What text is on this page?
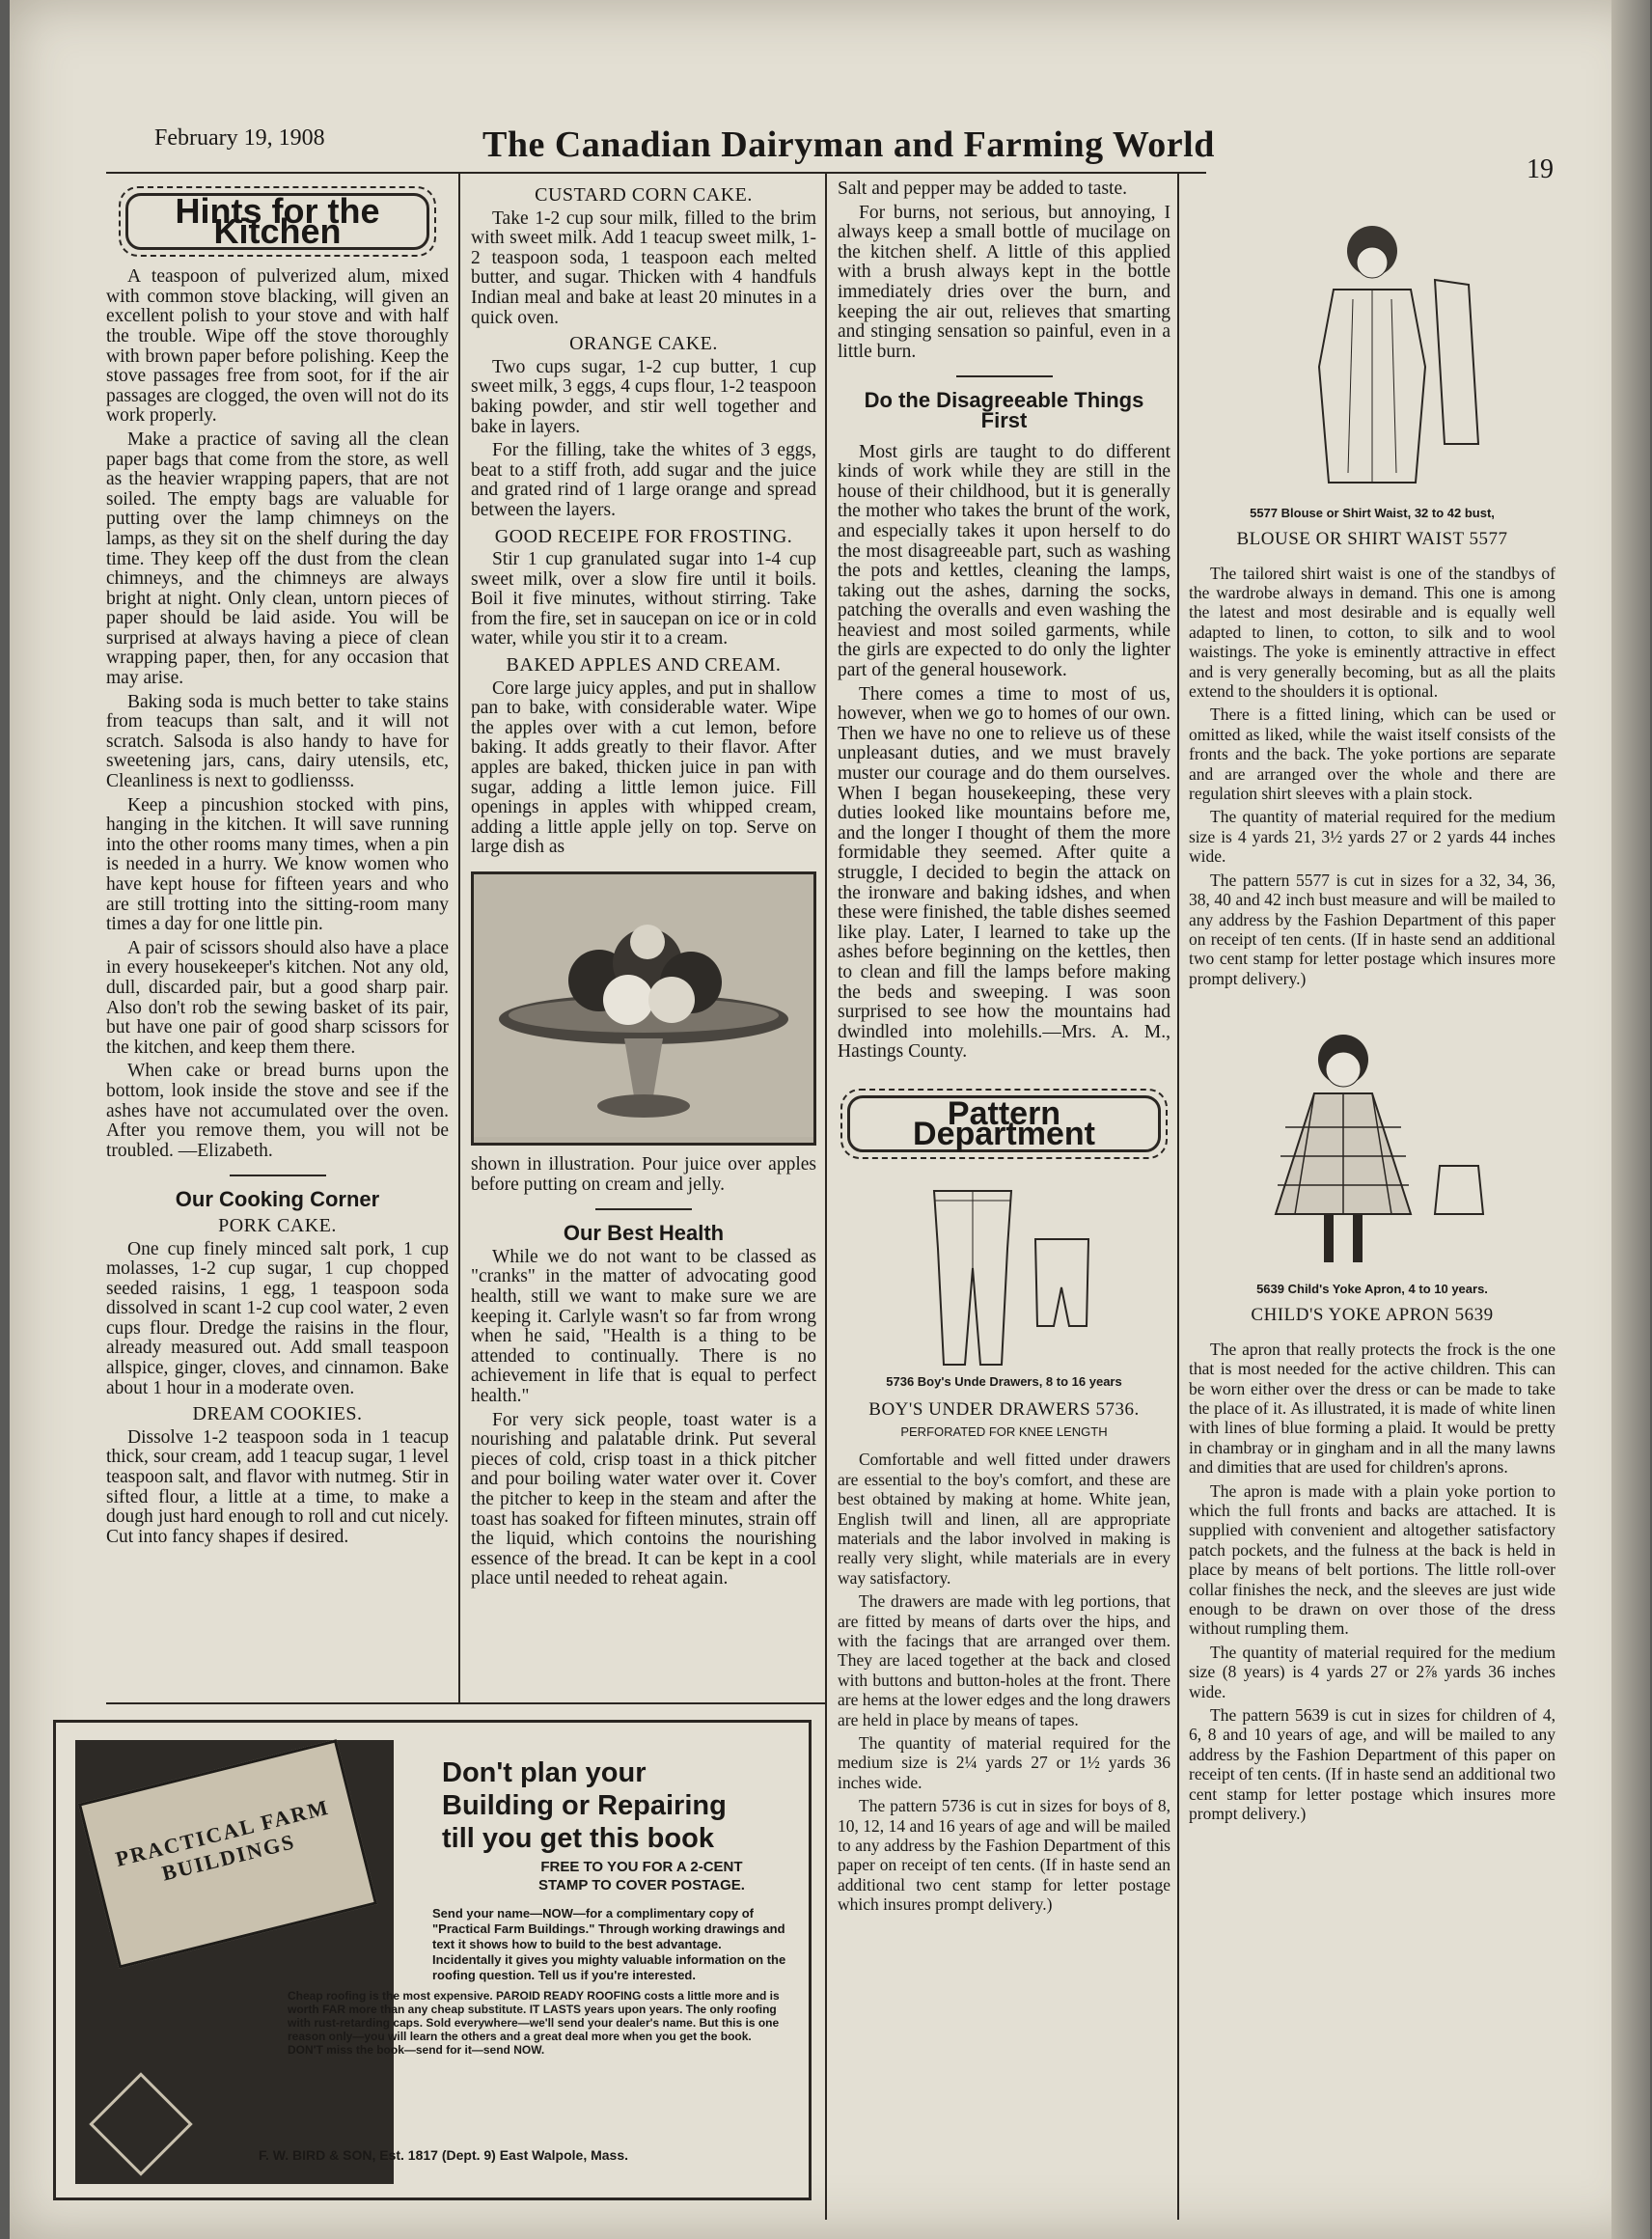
February 19, 1908	The Canadian Dairyman and Farming World
19
Hints for the Kitchen

A teaspoon of pulverized alum, mixed with common stove blacking, will given an excellent polish to your stove and with half the trouble. Wipe off the stove thoroughly with brown paper before polishing. Keep the stove passages free from soot, for if the air passages are clogged, the oven will not do its work properly.

Make a practice of saving all the clean paper bags that come from the store, as well as the heavier wrapping papers, that are not soiled. The empty bags are valuable for putting over the lamp chimneys on the lamps, as they sit on the shelf during the day time. They keep off the dust from the clean chimneys, and the chimneys are always bright at night. Only clean, untorn pieces of paper should be laid aside. You will be surprised at always having a piece of clean wrapping paper, then, for any occasion that may arise.

Baking soda is much better to take stains from teacups than salt, and it will not scratch. Salsoda is also handy to have for sweetening jars, cans, dairy utensils, etc, Cleanliness is next to godliensss.

Keep a pincushion stocked with pins, hanging in the kitchen. It will save running into the other rooms many times, when a pin is needed in a hurry. We know women who have kept house for fifteen years and who are still trotting into the sitting-room many times a day for one little pin.

A pair of scissors should also have a place in every housekeeper's kitchen. Not any old, dull, discarded pair, but a good sharp pair. Also don't rob the sewing basket of its pair, but have one pair of good sharp scissors for the kitchen, and keep them there.

When cake or bread burns upon the bottom, look inside the stove and see if the ashes have not accumulated over the oven. After you remove them, you will not be troubled. —Elizabeth.

Our Cooking Corner
PORK CAKE.

One cup finely minced salt pork, 1 cup molasses, 1-2 cup sugar, 1 cup chopped seeded raisins, 1 egg, 1 teaspoon soda dissolved in scant 1-2 cup cool water, 2 even cups flour. Dredge the raisins in the flour, already measured out. Add small teaspoon allspice, ginger, cloves, and cinnamon. Bake about 1 hour in a moderate oven.

DREAM COOKIES.

Dissolve 1-2 teaspoon soda in 1 teacup thick, sour cream, add 1 teacup sugar, 1 level teaspoon salt, and flavor with nutmeg. Stir in sifted flour, a little at a time, to make a dough just hard enough to roll and cut nicely. Cut into fancy shapes if desired.

CUSTARD CORN CAKE.

Take 1-2 cup sour milk, filled to the brim with sweet milk. Add 1 teacup sweet milk, 1-2 teaspoon soda, 1 teaspoon each melted butter, and sugar. Thicken with 4 handfuls Indian meal and bake at least 20 minutes in a quick oven.

ORANGE CAKE.

Two cups sugar, 1-2 cup butter, 1 cup sweet milk, 3 eggs, 4 cups flour, 1-2 teaspoon baking powder, and stir well together and bake in layers.

For the filling, take the whites of 3 eggs, beat to a stiff froth, add sugar and the juice and grated rind of 1 large orange and spread between the layers.

GOOD RECEIPE FOR FROSTING.

Stir 1 cup granulated sugar into 1-4 cup sweet milk, over a slow fire until it boils. Boil it five minutes, without stirring. Take from the fire, set in saucepan on ice or in cold water, while you stir it to a cream.

BAKED APPLES AND CREAM.

Core large juicy apples, and put in shallow pan to bake, with considerable water. Wipe the apples over with a cut lemon, before baking. It adds greatly to their flavor. After apples are baked, thicken juice in pan with sugar, adding a little lemon juice. Fill openings in apples with whipped cream, adding a little apple jelly on top. Serve on large dish as

shown in illustration. Pour juice over apples before putting on cream and jelly.

Our Best Health

While we do not want to be classed as "cranks" in the matter of advocating good health, still we want to make sure we are keeping it. Carlyle wasn't so far from wrong when he said, "Health is a thing to be attended to continually. There is no achievement in life that is equal to perfect health."

For very sick people, toast water is a nourishing and palatable drink. Put several pieces of cold, crisp toast in a thick pitcher and pour boiling water water over it. Cover the pitcher to keep in the steam and after the toast has soaked for fifteen minutes, strain off the liquid, which contoins the nourishing essence of the bread. It can be kept in a cool place until needed to reheat again.

Salt and pepper may be added to taste.

For burns, not serious, but annoying, I always keep a small bottle of mucilage on the kitchen shelf. A little of this applied with a brush always kept in the bottle immediately dries over the burn, and keeping the air out, relieves that smarting and stinging sensation so painful, even in a little burn.

Do the Disagreeable Things First

Most girls are taught to do different kinds of work while they are still in the house of their childhood, but it is generally the mother who takes the brunt of the work, and especially takes it upon herself to do the most disagreeable part, such as washing the pots and kettles, cleaning the lamps, taking out the ashes, darning the socks, patching the overalls and even washing the heaviest and most soiled garments, while the girls are expected to do only the lighter part of the general housework.

There comes a time to most of us, however, when we go to homes of our own. Then we have no one to relieve us of these unpleasant duties, and we must bravely muster our courage and do them ourselves. When I began housekeeping, these very duties looked like mountains before me, and the longer I thought of them the more formidable they seemed. After quite a struggle, I decided to begin the attack on the ironware and baking idshes, and when these were finished, the table dishes seemed like play. Later, I learned to take up the ashes before beginning on the kettles, then to clean and fill the lamps before making the beds and sweeping. I was soon surprised to see how the mountains had dwindled into molehills.—Mrs. A. M., Hastings County.

Pattern Department
5736 Boy's Unde Drawers, 8 to 16 years
BOY'S UNDER DRAWERS 5736.
PERFORATED FOR KNEE LENGTH

Comfortable and well fitted under drawers are essential to the boy's comfort, and these are best obtained by making at home. White jean, English twill and linen, all are appropriate materials and the labor involved in making is really very slight, while materials are in every way satisfactory.

The drawers are made with leg portions, that are fitted by means of darts over the hips, and with the facings that are arranged over them. They are laced together at the back and closed with buttons and button-holes at the front. There are hems at the lower edges and the long drawers are held in place by means of tapes.

The quantity of material required for the medium size is 2¼ yards 27 or 1½ yards 36 inches wide.

The pattern 5736 is cut in sizes for boys of 8, 10, 12, 14 and 16 years of age and will be mailed to any address by the Fashion Department of this paper on receipt of ten cents. (If in haste send an additional two cent stamp for letter postage which insures prompt delivery.)

5577 Blouse or Shirt Waist, 32 to 42 bust,
BLOUSE OR SHIRT WAIST 5577

The tailored shirt waist is one of the standbys of the wardrobe always in demand. This one is among the latest and most desirable and is equally well adapted to linen, to cotton, to silk and to wool waistings. The yoke is eminently attractive in effect and is very generally becoming, but as all the plaits extend to the shoulders it is optional.

There is a fitted lining, which can be used or omitted as liked, while the waist itself consists of the fronts and the back. The yoke portions are separate and are arranged over the whole and there are regulation shirt sleeves with a plain stock.

The quantity of material required for the medium size is 4 yards 21, 3½ yards 27 or 2 yards 44 inches wide.

The pattern 5577 is cut in sizes for a 32, 34, 36, 38, 40 and 42 inch bust measure and will be mailed to any address by the Fashion Department of this paper on receipt of ten cents. (If in haste send an additional two cent stamp for letter postage which insures more prompt delivery.)

5639 Child's Yoke Apron, 4 to 10 years.
CHILD'S YOKE APRON 5639

The apron that really protects the frock is the one that is most needed for the active children. This can be worn either over the dress or can be made to take the place of it. As illustrated, it is made of white linen with lines of blue forming a plaid. It would be pretty in chambray or in gingham and in all the many lawns and dimities that are used for children's aprons.

The apron is made with a plain yoke portion to which the full fronts and backs are attached. It is supplied with convenient and altogether satisfactory patch pockets, and the fulness at the back is held in place by means of belt portions. The little roll-over collar finishes the neck, and the sleeves are just wide enough to be drawn on over those of the dress without rumpling them.

The quantity of material required for the medium size (8 years) is 4 yards 27 or 2⅞ yards 36 inches wide.

The pattern 5639 is cut in sizes for children of 4, 6, 8 and 10 years of age, and will be mailed to any address by the Fashion Department of this paper on receipt of ten cents. (If in haste send an additional two cent stamp for letter postage which insures more prompt delivery.)

PRACTICAL FARM BUILDINGS
Don't plan your
Building or Repairing
till you get this book
FREE TO YOU FOR A 2-CENT
STAMP TO COVER POSTAGE.
Send your name—NOW—for a complimentary copy of "Practical Farm Buildings." Through working drawings and text it shows how to build to the best advantage. Incidentally it gives you mighty valuable information on the roofing question. Tell us if you're interested.
Cheap roofing is the most expensive. PAROID READY ROOFING costs a little more and is worth FAR more than any cheap substitute. IT LASTS years upon years. The only roofing with rust-retarding caps. Sold everywhere—we'll send your dealer's name. But this is one reason only—you will learn the others and a great deal more when you get the book. DON'T miss the book—send for it—send NOW.
F. W. BIRD & SON, Est. 1817 (Dept. 9) East Walpole, Mass.
